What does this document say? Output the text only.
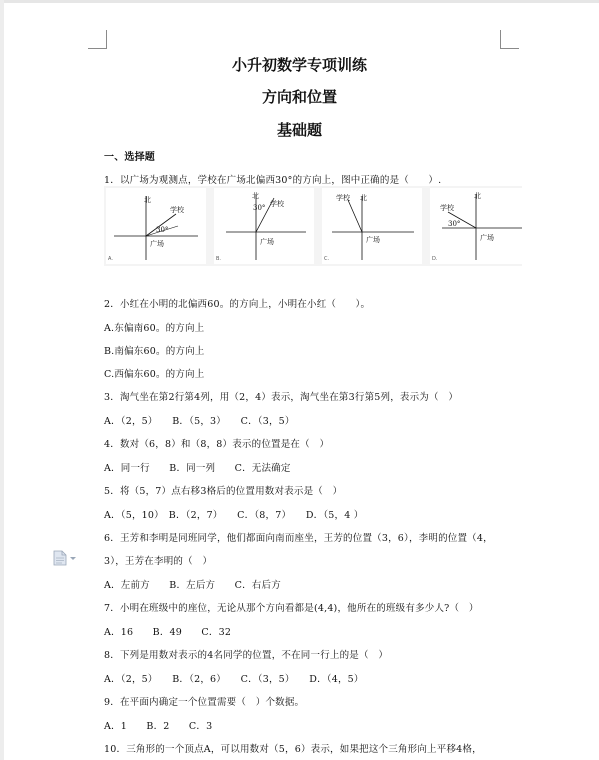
小升初数学专项训练
方向和位置
基础题
一、选择题
1．以广场为观测点，学校在广场北偏西30°的方向上，图中正确的是（　　）.
北
学校
30°
广场
A.
北
30° 学校
广场
B.
学校 北
广场
C.
北
学校
30°
广场
D.
2．小红在小明的北偏西60。的方向上，小明在小红（　　）。
A.东偏南60。的方向上
B.南偏东60。的方向上
C.西偏东60。的方向上
3．淘气坐在第2行第4列，用（2，4）表示，淘气坐在第3行第5列，表示为（　）
A．（2，5）　　B．（5，3）　　C．（3，5）
4．数对（6，8）和（8，8）表示的位置是在（　）
A．同一行　　B．同一列　　C．无法确定
5．将（5，7）点右移3格后的位置用数对表示是（　）
A．（5，10）　B．（2，7）　　C．（8，7）　　D．（5，4 ）
6．王芳和李明是同班同学，他们都面向南而座坐，王芳的位置（3，6），李明的位置（4，
3），王芳在李明的（　）
A．左前方　　B．左后方　　C．右后方
7．小明在班级中的座位，无论从那个方向看都是(4,4)，他所在的班级有多少人?（　）
A．16　　B．49　　C．32
8．下列是用数对表示的4名同学的位置，不在同一行上的是（　）
A．（2，5）　　B．（2，6）　　C．（3，5）　　D．（4，5）
9．在平面内确定一个位置需要（　）个数据。
A．1　　B．2　　C．3
10．三角形的一个顶点A，可以用数对（5，6）表示，如果把这个三角形向上平移4格，
